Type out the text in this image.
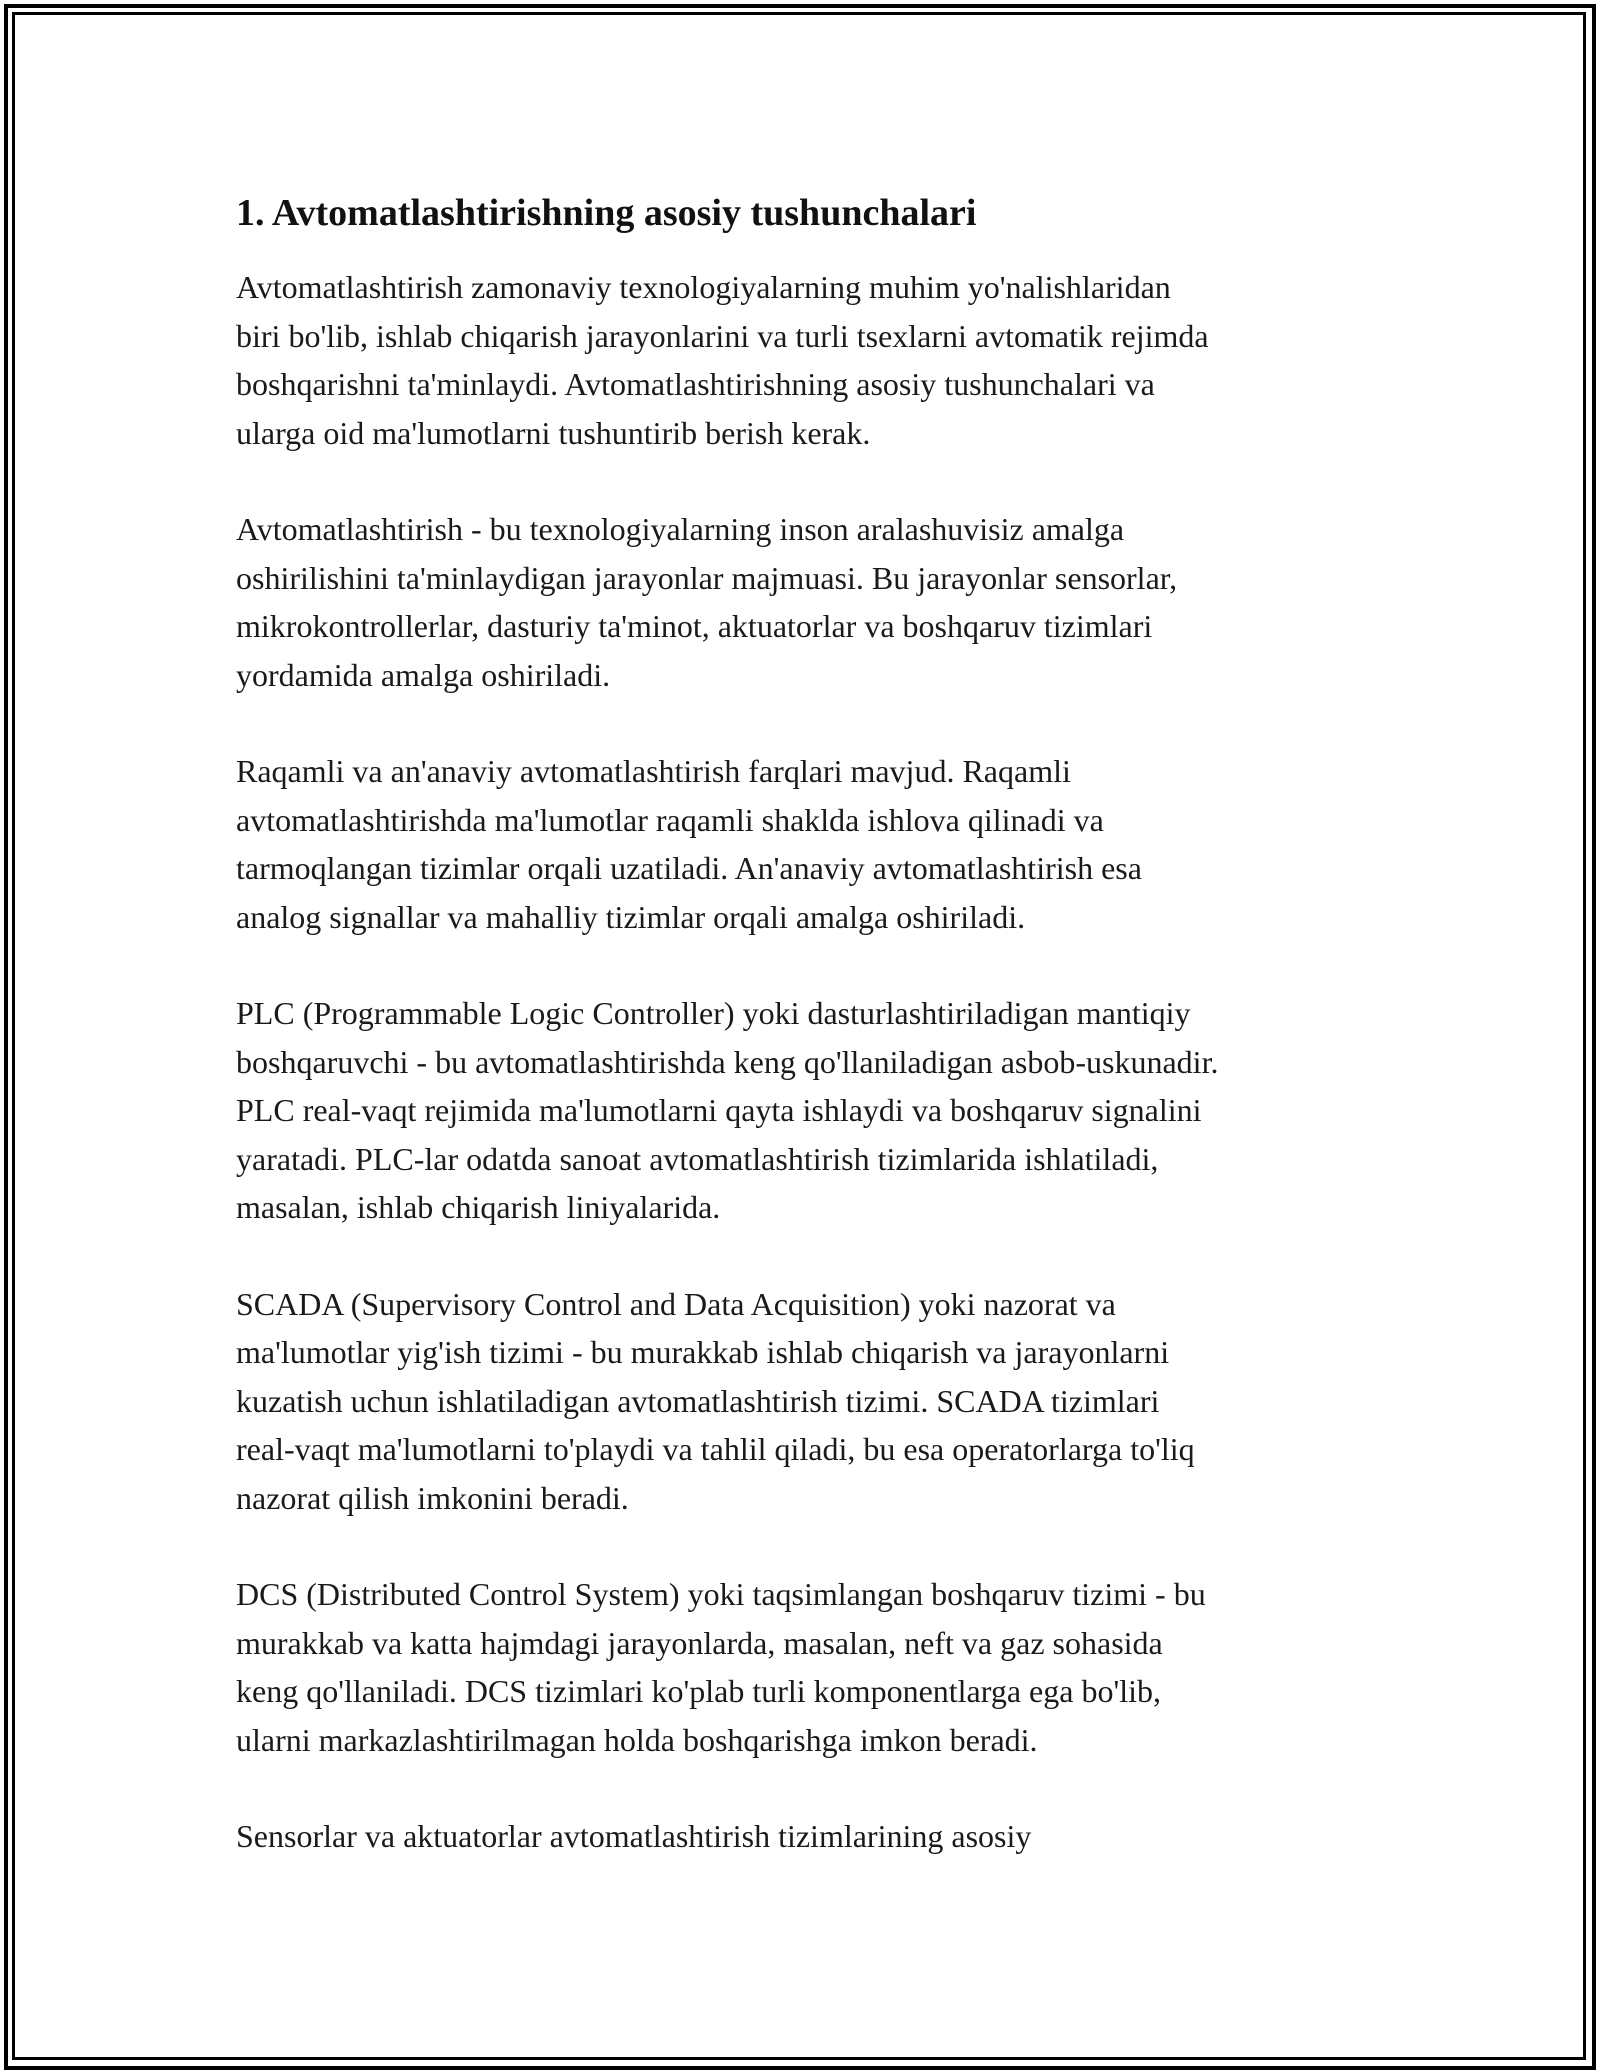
1. Avtomatlashtirishning asosiy tushunchalari

Avtomatlashtirish zamonaviy texnologiyalarning muhim yo'nalishlaridan
biri bo'lib, ishlab chiqarish jarayonlarini va turli tsexlarni avtomatik rejimda
boshqarishni ta'minlaydi. Avtomatlashtirishning asosiy tushunchalari va
ularga oid ma'lumotlarni tushuntirib berish kerak.

Avtomatlashtirish - bu texnologiyalarning inson aralashuvisiz amalga
oshirilishini ta'minlaydigan jarayonlar majmuasi. Bu jarayonlar sensorlar,
mikrokontrollerlar, dasturiy ta'minot, aktuatorlar va boshqaruv tizimlari
yordamida amalga oshiriladi.

Raqamli va an'anaviy avtomatlashtirish farqlari mavjud. Raqamli
avtomatlashtirishda ma'lumotlar raqamli shaklda ishlova qilinadi va
tarmoqlangan tizimlar orqali uzatiladi. An'anaviy avtomatlashtirish esa
analog signallar va mahalliy tizimlar orqali amalga oshiriladi.

PLC (Programmable Logic Controller) yoki dasturlashtiriladigan mantiqiy
boshqaruvchi - bu avtomatlashtirishda keng qo'llaniladigan asbob-uskunadir.
PLC real-vaqt rejimida ma'lumotlarni qayta ishlaydi va boshqaruv signalini
yaratadi. PLC-lar odatda sanoat avtomatlashtirish tizimlarida ishlatiladi,
masalan, ishlab chiqarish liniyalarida.

SCADA (Supervisory Control and Data Acquisition) yoki nazorat va
ma'lumotlar yig'ish tizimi - bu murakkab ishlab chiqarish va jarayonlarni
kuzatish uchun ishlatiladigan avtomatlashtirish tizimi. SCADA tizimlari
real-vaqt ma'lumotlarni to'playdi va tahlil qiladi, bu esa operatorlarga to'liq
nazorat qilish imkonini beradi.

DCS (Distributed Control System) yoki taqsimlangan boshqaruv tizimi - bu
murakkab va katta hajmdagi jarayonlarda, masalan, neft va gaz sohasida
keng qo'llaniladi. DCS tizimlari ko'plab turli komponentlarga ega bo'lib,
ularni markazlashtirilmagan holda boshqarishga imkon beradi.

Sensorlar va aktuatorlar avtomatlashtirish tizimlarining asosiy
